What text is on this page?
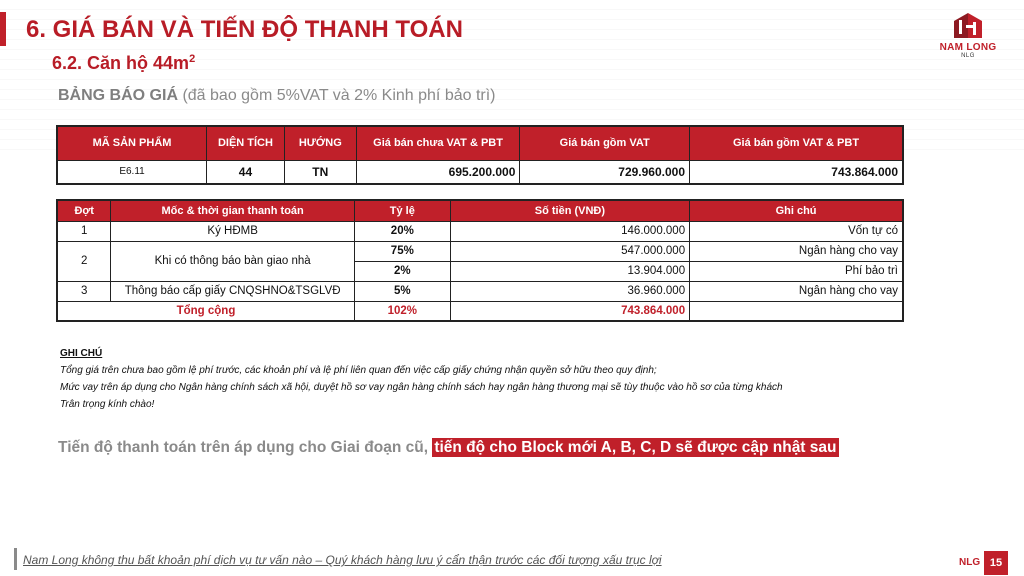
6. GIÁ BÁN VÀ TIẾN ĐỘ THANH TOÁN
6.2. Căn hộ $44m^2$
BẢNG BÁO GIÁ (đã bao gồm 5%VAT và 2% Kinh phí bảo trì)
NAM LONG
NLG
MÃ SẢN PHẨM	DIỆN TÍCH	HƯỚNG	Giá bán chưa VAT & PBT	Giá bán gồm VAT	Giá bán gồm VAT & PBT
E6.11	44	TN	695.200.000	729.960.000	743.864.000
Đợt	Mốc & thời gian thanh toán	Tỷ lệ	Số tiền (VNĐ)	Ghi chú
1	Ký HĐMB	20%	146.000.000	Vốn tự có
2	Khi có thông báo bàn giao nhà	75%	547.000.000	Ngân hàng cho vay
		2%	13.904.000	Phí bảo trì
3	Thông báo cấp giấy CNQSHNO&TSGLVĐ	5%	36.960.000	Ngân hàng cho vay
Tổng cộng		102%	743.864.000	
GHI CHÚ
Tổng giá trên chưa bao gồm lệ phí trước, các khoản phí và lệ phí liên quan đến việc cấp giấy chứng nhận quyền sở hữu theo quy định;
Mức vay trên áp dụng cho Ngân hàng chính sách xã hội, duyệt hồ sơ vay ngân hàng chính sách hay ngân hàng thương mại sẽ tùy thuộc vào hồ sơ của từng khách
Trân trọng kính chào!
Tiến độ thanh toán trên áp dụng cho Giai đoạn cũ, tiến độ cho Block mới A, B, C, D sẽ được cập nhật sau
Nam Long không thu bất khoản phí dịch vụ tư vấn nào – Quý khách hàng lưu ý cẩn thận trước các đối tượng xấu trục lợi	NLG 15
